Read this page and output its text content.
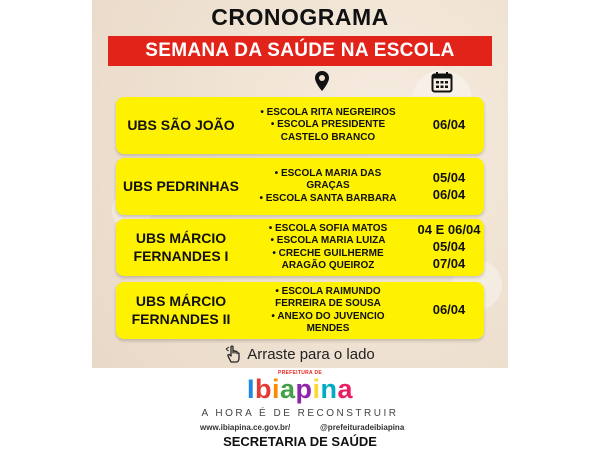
CRONOGRAMA
SEMANA DA SAÚDE NA ESCOLA
UBS SÃO JOÃO
• ESCOLA RITA NEGREIROS
• ESCOLA PRESIDENTE
CASTELO BRANCO
06/04
UBS PEDRINHAS
• ESCOLA MARIA DAS
GRAÇAS
• ESCOLA SANTA BARBARA
05/04
06/04
UBS MÁRCIO
FERNANDES I
• ESCOLA SOFIA MATOS
• ESCOLA MARIA LUIZA
• CRECHE GUILHERME
ARAGÃO QUEIROZ
04 E 06/04
05/04
07/04
UBS MÁRCIO
FERNANDES II
• ESCOLA RAIMUNDO
FERREIRA DE SOUSA
• ANEXO DO JUVENCIO
MENDES
06/04
Arraste para o lado
PREFEITURA DE
Ibiapina
A HORA É DE RECONSTRUIR
www.ibiapina.ce.gov.br/	@prefeituradeibiapina
SECRETARIA DE SAÚDE
